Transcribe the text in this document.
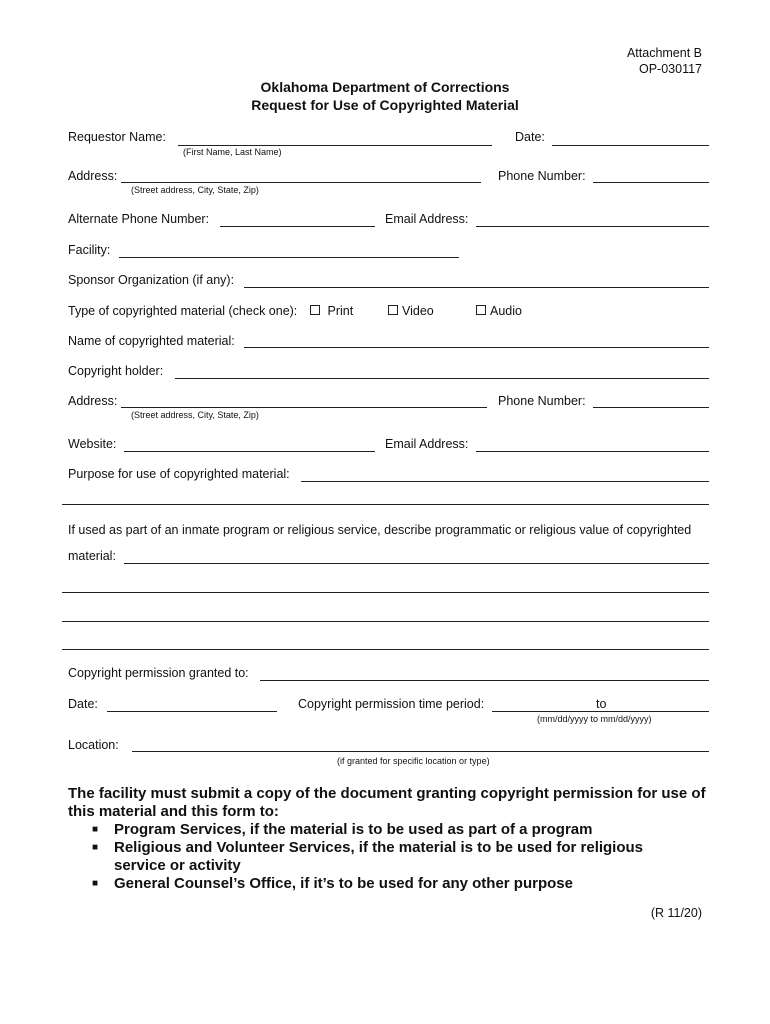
Attachment B
OP-030117
Oklahoma Department of Corrections
Request for Use of Copyrighted Material
Requestor Name:
(First Name, Last Name)
Date:
Address:
(Street address, City, State, Zip)
Phone Number:
Alternate Phone Number:	Email Address:
Facility:
Sponsor Organization (if any):
Type of copyrighted material (check one):	Print	Video	Audio
Name of copyrighted material:
Copyright holder:
Address:
(Street address, City, State, Zip)
Phone Number:
Website:	Email Address:
Purpose for use of copyrighted material:
If used as part of an inmate program or religious service, describe programmatic or religious value of copyrighted
material:
Copyright permission granted to:
Date:	Copyright permission time period:	to
(mm/dd/yyyy to mm/dd/yyyy)
Location:
(if granted for specific location or type)
The facility must submit a copy of the document granting copyright permission for use of this material and this form to:
■ Program Services, if the material is to be used as part of a program
■ Religious and Volunteer Services, if the material is to be used for religious service or activity
■ General Counsel’s Office, if it’s to be used for any other purpose
(R 11/20)
